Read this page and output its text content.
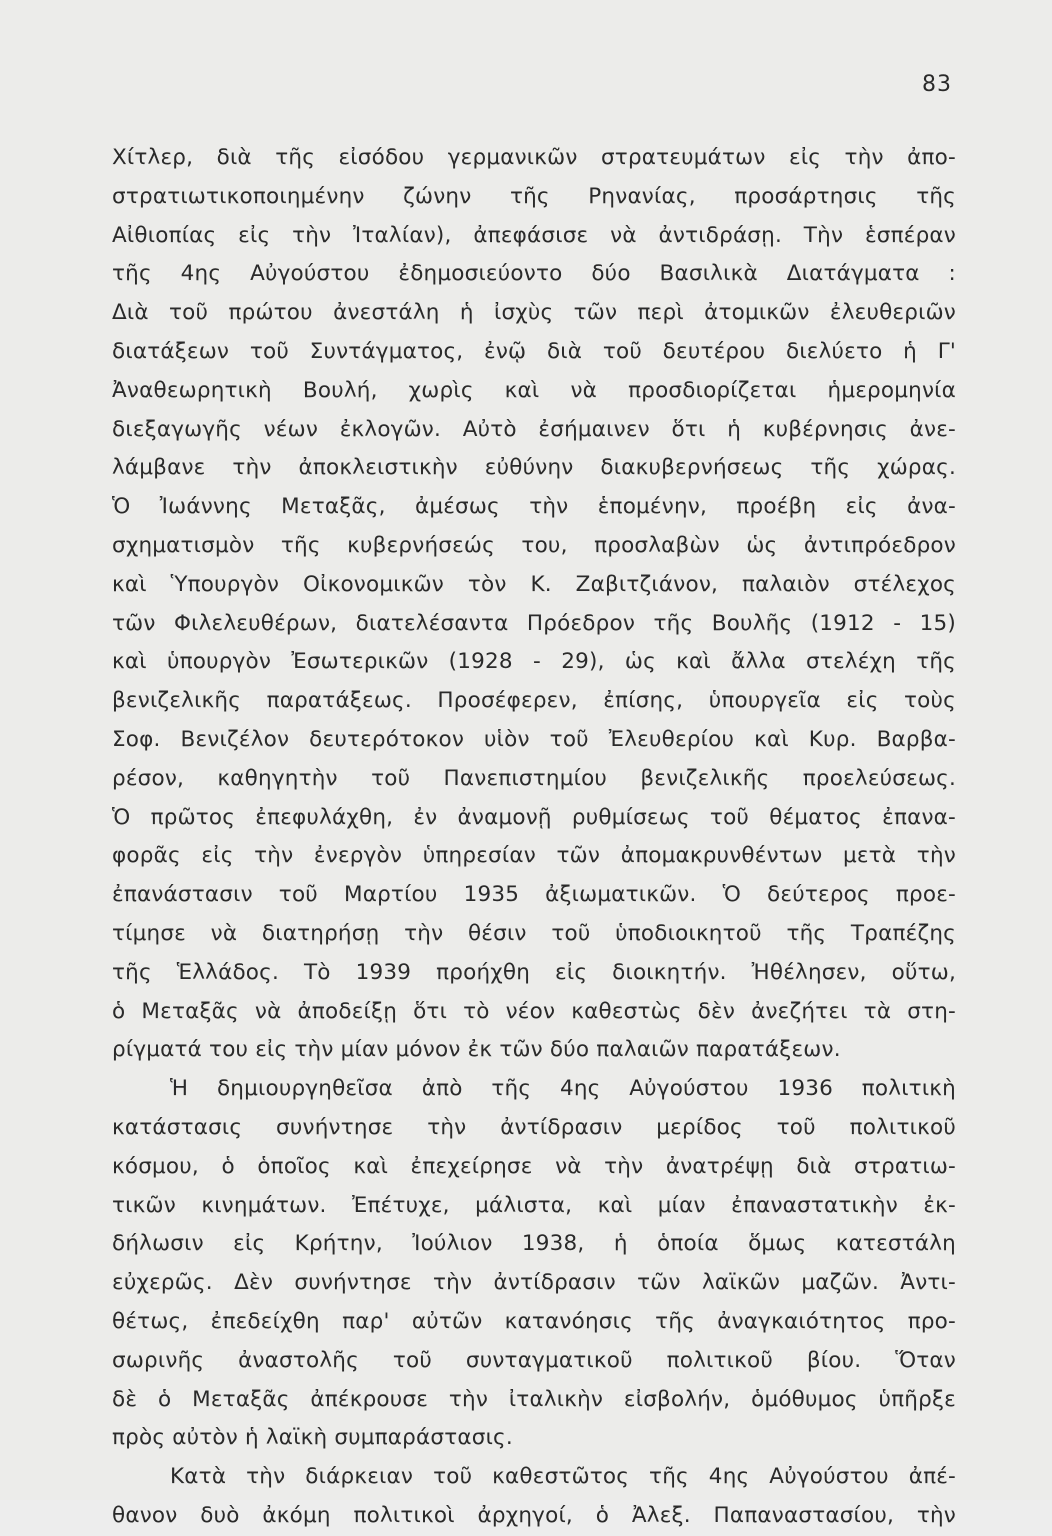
83
Χίτλερ, διὰ τῆς εἰσόδου γερμανικῶν στρατευμάτων εἰς τὴν ἀπο-
στρατιωτικοποιημένην ζώνην τῆς Ρηνανίας, προσάρτησις τῆς
Αἰθιοπίας εἰς τὴν Ἰταλίαν), ἀπεφάσισε νὰ ἀντιδράσῃ. Τὴν ἑσπέραν
τῆς 4ης Αὐγούστου ἐδημοσιεύοντο δύο Βασιλικὰ Διατάγματα :
Διὰ τοῦ πρώτου ἀνεστάλη ἡ ἰσχὺς τῶν περὶ ἀτομικῶν ἐλευθεριῶν
διατάξεων τοῦ Συντάγματος, ἐνῷ διὰ τοῦ δευτέρου διελύετο ἡ Γ'
Ἀναθεωρητικὴ Βουλή, χωρὶς καὶ νὰ προσδιορίζεται ἡμερομηνία
διεξαγωγῆς νέων ἐκλογῶν. Αὐτὸ ἐσήμαινεν ὅτι ἡ κυβέρνησις ἀνε-
λάμβανε τὴν ἀποκλειστικὴν εὐθύνην διακυβερνήσεως τῆς χώρας.
Ὁ Ἰωάννης Μεταξᾶς, ἀμέσως τὴν ἑπομένην, προέβη εἰς ἀνα-
σχηματισμὸν τῆς κυβερνήσεώς του, προσλαβὼν ὡς ἀντιπρόεδρον
καὶ Ὑπουργὸν Οἰκονομικῶν τὸν Κ. Ζαβιτζιάνον, παλαιὸν στέλεχος
τῶν Φιλελευθέρων, διατελέσαντα Πρόεδρον τῆς Βουλῆς (1912 - 15)
καὶ ὑπουργὸν Ἐσωτερικῶν (1928 - 29), ὡς καὶ ἄλλα στελέχη τῆς
βενιζελικῆς παρατάξεως. Προσέφερεν, ἐπίσης, ὑπουργεῖα εἰς τοὺς
Σοφ. Βενιζέλον δευτερότοκον υἱὸν τοῦ Ἐλευθερίου καὶ Κυρ. Βαρβα-
ρέσον, καθηγητὴν τοῦ Πανεπιστημίου βενιζελικῆς προελεύσεως.
Ὁ πρῶτος ἐπεφυλάχθη, ἐν ἀναμονῇ ρυθμίσεως τοῦ θέματος ἐπανα-
φορᾶς εἰς τὴν ἐνεργὸν ὑπηρεσίαν τῶν ἀπομακρυνθέντων μετὰ τὴν
ἐπανάστασιν τοῦ Μαρτίου 1935 ἀξιωματικῶν. Ὁ δεύτερος προε-
τίμησε νὰ διατηρήσῃ τὴν θέσιν τοῦ ὑποδιοικητοῦ τῆς Τραπέζης
τῆς Ἑλλάδος. Τὸ 1939 προήχθη εἰς διοικητήν. Ἠθέλησεν, οὕτω,
ὁ Μεταξᾶς νὰ ἀποδείξῃ ὅτι τὸ νέον καθεστὼς δὲν ἀνεζήτει τὰ στη-
ρίγματά του εἰς τὴν μίαν μόνον ἐκ τῶν δύο παλαιῶν παρατάξεων.
Ἡ δημιουργηθεῖσα ἀπὸ τῆς 4ης Αὐγούστου 1936 πολιτικὴ
κατάστασις συνήντησε τὴν ἀντίδρασιν μερίδος τοῦ πολιτικοῦ
κόσμου, ὁ ὁποῖος καὶ ἐπεχείρησε νὰ τὴν ἀνατρέψῃ διὰ στρατιω-
τικῶν κινημάτων. Ἐπέτυχε, μάλιστα, καὶ μίαν ἐπαναστατικὴν ἐκ-
δήλωσιν εἰς Κρήτην, Ἰούλιον 1938, ἡ ὁποία ὅμως κατεστάλη
εὐχερῶς. Δὲν συνήντησε τὴν ἀντίδρασιν τῶν λαϊκῶν μαζῶν. Ἀντι-
θέτως, ἐπεδείχθη παρ' αὐτῶν κατανόησις τῆς ἀναγκαιότητος προ-
σωρινῆς ἀναστολῆς τοῦ συνταγματικοῦ πολιτικοῦ βίου. Ὅταν
δὲ ὁ Μεταξᾶς ἀπέκρουσε τὴν ἰταλικὴν εἰσβολήν, ὁμόθυμος ὑπῆρξε
πρὸς αὐτὸν ἡ λαϊκὴ συμπαράστασις.
Κατὰ τὴν διάρκειαν τοῦ καθεστῶτος τῆς 4ης Αὐγούστου ἀπέ-
θανον δυὸ ἀκόμη πολιτικοὶ ἀρχηγοί, ὁ Ἀλεξ. Παπαναστασίου, τὴν
